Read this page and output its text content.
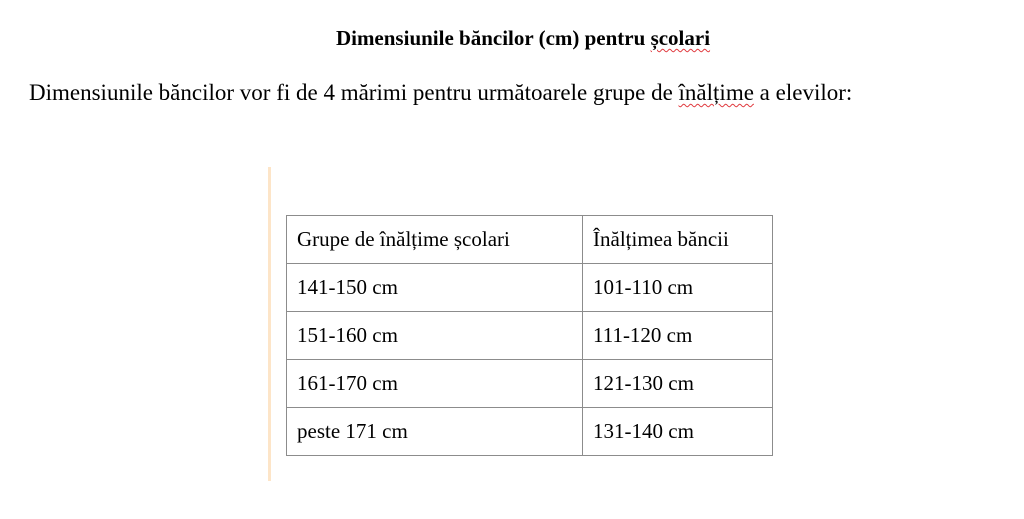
Dimensiunile băncilor (cm) pentru școlari
Dimensiunile băncilor vor fi de 4 mărimi pentru următoarele grupe de înălțime a elevilor:
Grupe de înălțime școlari	Înălțimea băncii
141-150 cm	101-110 cm
151-160 cm	111-120 cm
161-170 cm	121-130 cm
peste 171 cm	131-140 cm
